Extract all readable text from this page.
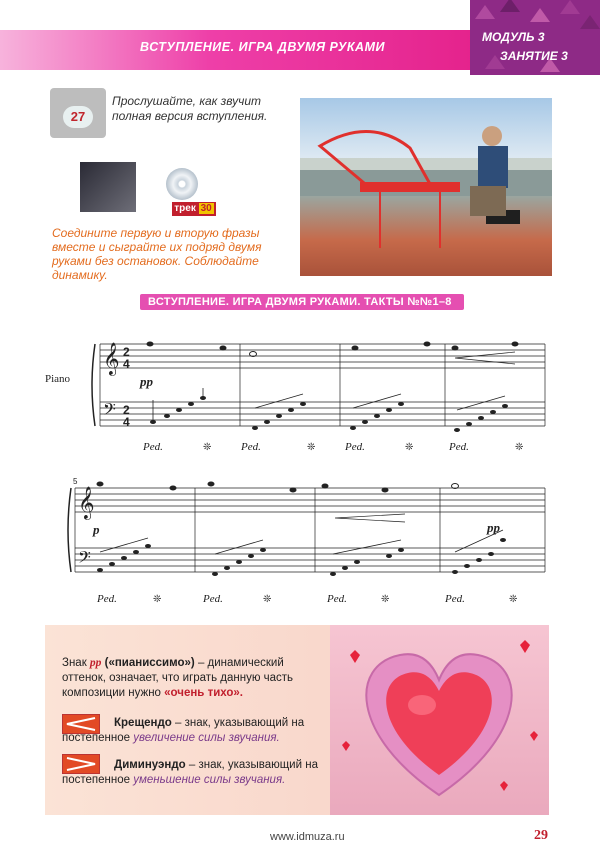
ВСТУПЛЕНИЕ. ИГРА ДВУМЯ РУКАМИ
МОДУЛЬ 3
ЗАНЯТИЕ 3
27
Прослушайте, как звучит полная версия вступления.
трек 30
Соедините первую и вторую фразы вместе и сыграйте их подряд двумя руками без остановок. Соблюдайте динамику.
ВСТУПЛЕНИЕ. ИГРА ДВУМЯ РУКАМИ. ТАКТЫ №№1–8
Piano
𝄞
𝄢
2
4
2
4
pp
Ped.	Ped.	Ped.	Ped.
❊	❊	❊	❊
5
𝄞
𝄢
p	pp
Ped.	Ped.	Ped.	Ped.
❊	❊	❊	❊
Знак pp («пианиссимо») – динамический оттенок, означает, что играть данную часть композиции нужно «очень тихо».
Крещендо – знак, указывающий на постепенное увеличение силы звучания.
Диминуэндо – знак, указывающий на постепенное уменьшение силы звучания.
www.idmuza.ru	29
